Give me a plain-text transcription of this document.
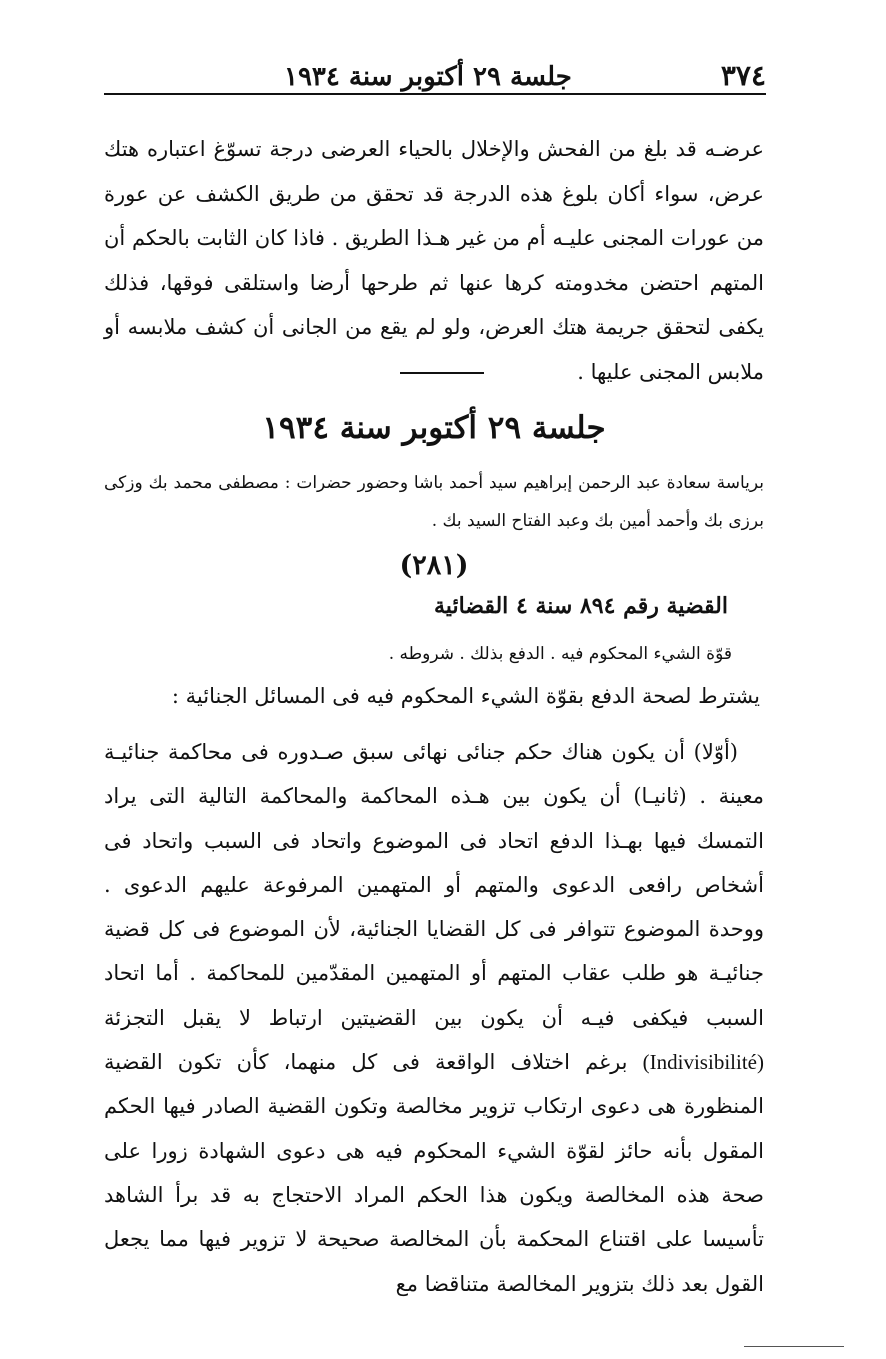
٣٧٤
جلسة ٢٩ أكتوبر سنة ١٩٣٤

عرضـه قد بلغ من الفحش والإخلال بالحياء العرضى درجة تسوّغ اعتباره هتك عرض، سواء أكان بلوغ هذه الدرجة قد تحقق من طريق الكشف عن عورة من عورات المجنى عليـه أم من غير هـذا الطريق . فاذا كان الثابت بالحكم أن المتهم احتضن مخدومته كرها عنها ثم طرحها أرضا واستلقى فوقها، فذلك يكفى لتحقق جريمة هتك العرض، ولو لم يقع من الجانى أن كشف ملابسه أو ملابس المجنى عليها .

جلسة ٢٩ أكتوبر سنة ١٩٣٤

برياسة سعادة عبد الرحمن إبراهيم سيد أحمد باشا وحضور حضرات : مصطفى محمد بك وزكى برزى بك وأحمد أمين بك وعبد الفتاح السيد بك .

(٢٨١)

القضية رقم ٨٩٤ سنة ٤ القضائية

قوّة الشيء المحكوم فيه . الدفع بذلك . شروطه .

يشترط لصحة الدفع بقوّة الشيء المحكوم فيه فى المسائل الجنائية :

(أوّلا) أن يكون هناك حكم جنائى نهائى سبق صـدوره فى محاكمة جنائيـة معينة . (ثانيـا) أن يكون بين هـذه المحاكمة والمحاكمة التالية التى يراد التمسك فيها بهـذا الدفع اتحاد فى الموضوع واتحاد فى السبب واتحاد فى أشخاص رافعى الدعوى والمتهم أو المتهمين المرفوعة عليهم الدعوى . ووحدة الموضوع تتوافر فى كل القضايا الجنائية، لأن الموضوع فى كل قضية جنائيـة هو طلب عقاب المتهم أو المتهمين المقدّمين للمحاكمة . أما اتحاد السبب فيكفى فيـه أن يكون بين القضيتين ارتباط لا يقبل التجزئة (Indivisibilité) برغم اختلاف الواقعة فى كل منهما، كأن تكون القضية المنظورة هى دعوى ارتكاب تزوير مخالصة وتكون القضية الصادر فيها الحكم المقول بأنه حائز لقوّة الشيء المحكوم فيه هى دعوى الشهادة زورا على صحة هذه المخالصة ويكون هذا الحكم المراد الاحتجاج به قد برأ الشاهد تأسيسا على اقتناع المحكمة بأن المخالصة صحيحة لا تزوير فيها مما يجعل القول بعد ذلك بتزوير المخالصة متناقضا مع
